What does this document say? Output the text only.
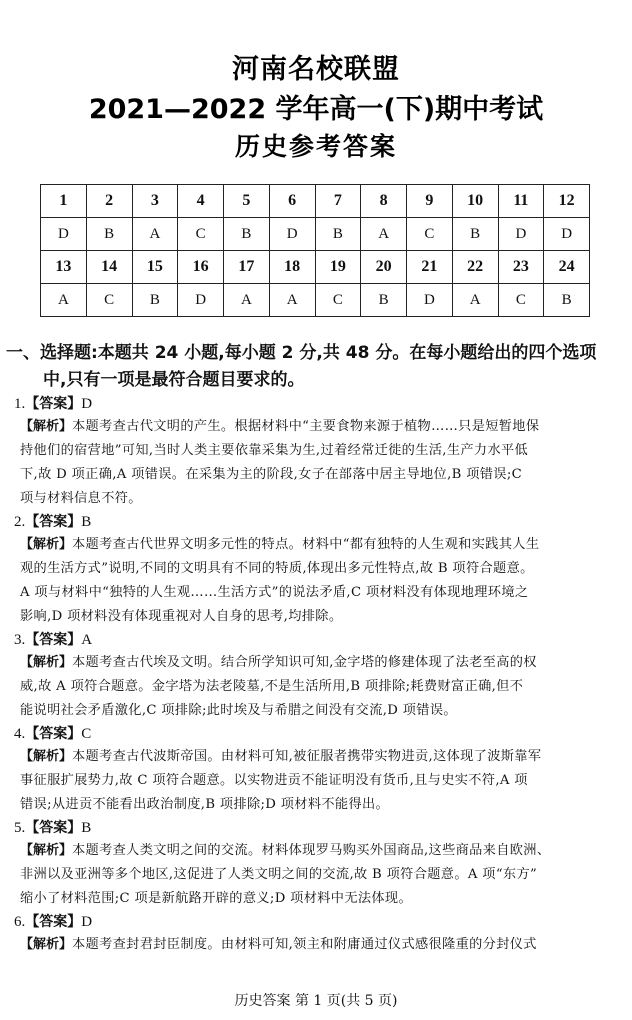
河南名校联盟
2021—2022 学年高一(下)期中考试
历史参考答案
1	2	3	4	5	6	7	8	9	10	11	12
D	B	A	C	B	D	B	A	C	B	D	D
13	14	15	16	17	18	19	20	21	22	23	24
A	C	B	D	A	A	C	B	D	A	C	B
一、选择题:本题共 24 小题,每小题 2 分,共 48 分。在每小题给出的四个选项
中,只有一项是最符合题目要求的。
1.【答案】D
【解析】本题考查古代文明的产生。根据材料中“主要食物来源于植物……只是短暂地保
持他们的宿营地”可知,当时人类主要依靠采集为生,过着经常迁徙的生活,生产力水平低
下,故 D 项正确,A 项错误。在采集为主的阶段,女子在部落中居主导地位,B 项错误;C
项与材料信息不符。
2.【答案】B
【解析】本题考查古代世界文明多元性的特点。材料中“都有独特的人生观和实践其人生
观的生活方式”说明,不同的文明具有不同的特质,体现出多元性特点,故 B 项符合题意。
A 项与材料中“独特的人生观……生活方式”的说法矛盾,C 项材料没有体现地理环境之
影响,D 项材料没有体现重视对人自身的思考,均排除。
3.【答案】A
【解析】本题考查古代埃及文明。结合所学知识可知,金字塔的修建体现了法老至高的权
威,故 A 项符合题意。金字塔为法老陵墓,不是生活所用,B 项排除;耗费财富正确,但不
能说明社会矛盾激化,C 项排除;此时埃及与希腊之间没有交流,D 项错误。
4.【答案】C
【解析】本题考查古代波斯帝国。由材料可知,被征服者携带实物进贡,这体现了波斯靠军
事征服扩展势力,故 C 项符合题意。以实物进贡不能证明没有货币,且与史实不符,A 项
错误;从进贡不能看出政治制度,B 项排除;D 项材料不能得出。
5.【答案】B
【解析】本题考查人类文明之间的交流。材料体现罗马购买外国商品,这些商品来自欧洲、
非洲以及亚洲等多个地区,这促进了人类文明之间的交流,故 B 项符合题意。A 项“东方”
缩小了材料范围;C 项是新航路开辟的意义;D 项材料中无法体现。
6.【答案】D
【解析】本题考查封君封臣制度。由材料可知,领主和附庸通过仪式感很隆重的分封仪式
历史答案 第 1 页(共 5 页)
